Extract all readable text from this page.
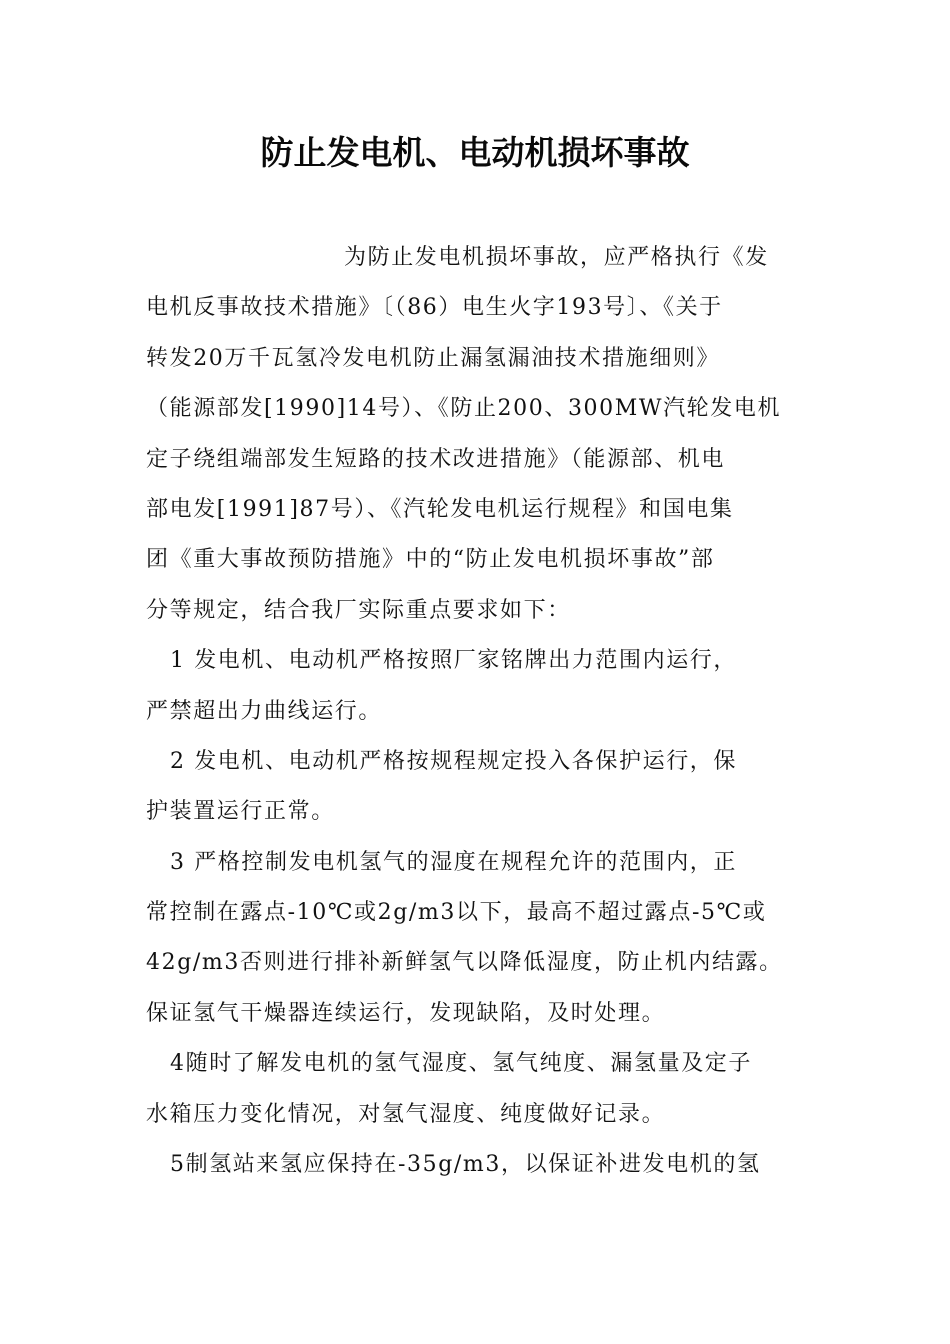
防止发电机、电动机损坏事故
为防止发电机损坏事故，应严格执行《发
电机反事故技术措施》〔（86）电生火字193号〕、《关于
转发20万千瓦氢冷发电机防止漏氢漏油技术措施细则》
（能源部发[1990]14号）、《防止200、300MW汽轮发电机
定子绕组端部发生短路的技术改进措施》（能源部、机电
部电发[1991]87号）、《汽轮发电机运行规程》和国电集
团《重大事故预防措施》中的“防止发电机损坏事故”部
分等规定，结合我厂实际重点要求如下：
1 发电机、电动机严格按照厂家铭牌出力范围内运行，
严禁超出力曲线运行。
2 发电机、电动机严格按规程规定投入各保护运行，保
护装置运行正常。
3 严格控制发电机氢气的湿度在规程允许的范围内，正
常控制在露点-10℃或2g/m3以下，最高不超过露点-5℃或
42g/m3否则进行排补新鲜氢气以降低湿度，防止机内结露。
保证氢气干燥器连续运行，发现缺陷，及时处理。
4随时了解发电机的氢气湿度、氢气纯度、漏氢量及定子
水箱压力变化情况，对氢气湿度、纯度做好记录。
5制氢站来氢应保持在-35g/m3，以保证补进发电机的氢
